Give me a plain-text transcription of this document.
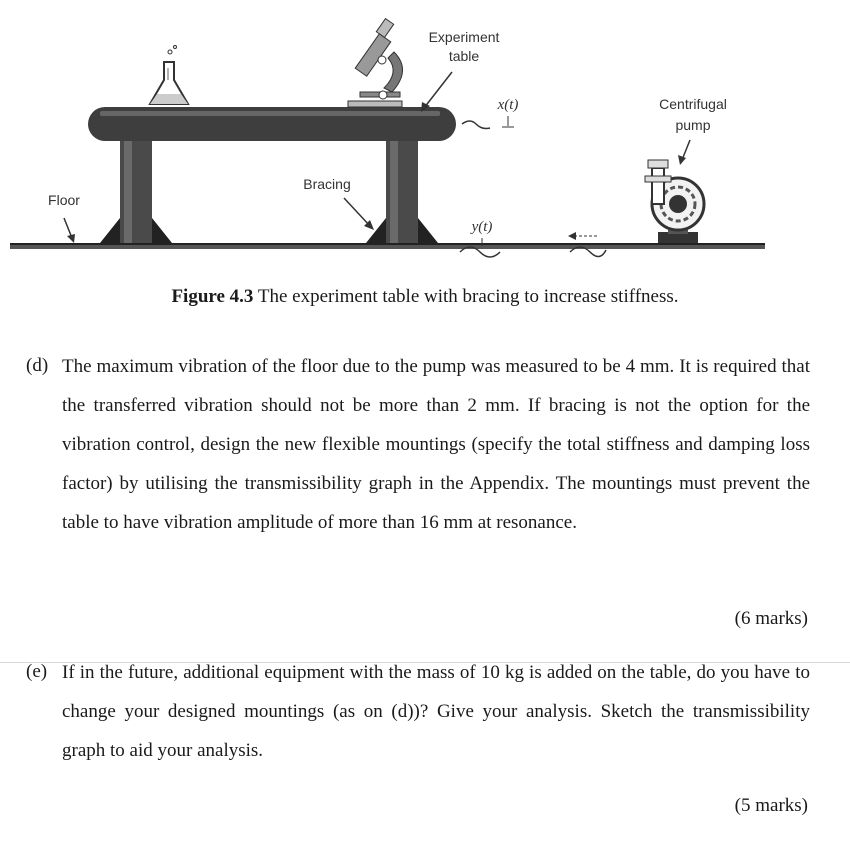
Experiment
table
Centrifugal
pump
Floor
Bracing
x(t)
y(t)
Figure 4.3 The experiment table with bracing to increase stiffness.
(d) The maximum vibration of the floor due to the pump was measured to be 4 mm. It is required that the transferred vibration should not be more than 2 mm. If bracing is not the option for the vibration control, design the new flexible mountings (specify the total stiffness and damping loss factor) by utilising the transmissibility graph in the Appendix. The mountings must prevent the table to have vibration amplitude of more than 16 mm at resonance.
(6 marks)
(e) If in the future, additional equipment with the mass of 10 kg is added on the table, do you have to change your designed mountings (as on (d))? Give your analysis. Sketch the transmissibility graph to aid your analysis.
(5 marks)
